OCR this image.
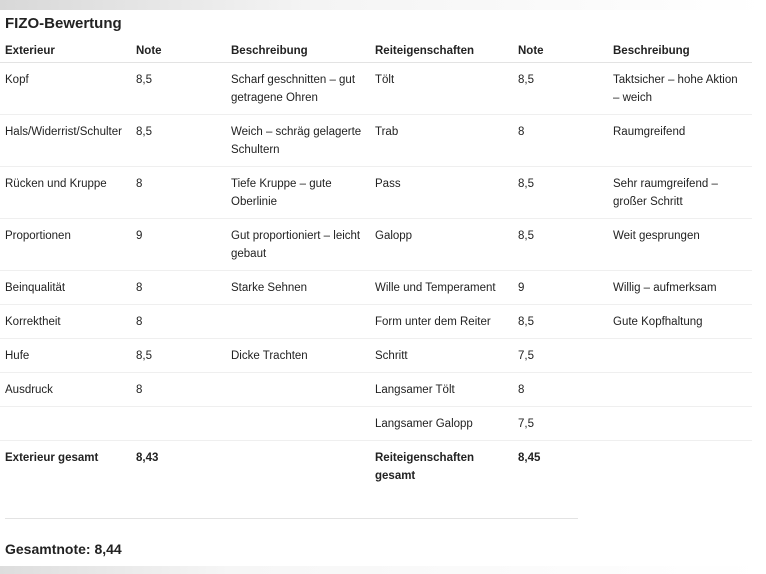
FIZO-Bewertung
Exterieur	Note	Beschreibung	Reiteigenschaften	Note	Beschreibung
Kopf	8,5	Scharf geschnitten – gut getragene Ohren	Tölt	8,5	Taktsicher – hohe Aktion – weich
Hals/Widerrist/Schulter	8,5	Weich – schräg gelagerte Schultern	Trab	8	Raumgreifend
Rücken und Kruppe	8	Tiefe Kruppe – gute Oberlinie	Pass	8,5	Sehr raumgreifend – großer Schritt
Proportionen	9	Gut proportioniert – leicht gebaut	Galopp	8,5	Weit gesprungen
Beinqualität	8	Starke Sehnen	Wille und Temperament	9	Willig – aufmerksam
Korrektheit	8		Form unter dem Reiter	8,5	Gute Kopfhaltung
Hufe	8,5	Dicke Trachten	Schritt	7,5	
Ausdruck	8		Langsamer Tölt	8	
			Langsamer Galopp	7,5	
Exterieur gesamt	8,43		Reiteigenschaften gesamt	8,45	
Gesamtnote: 8,44
